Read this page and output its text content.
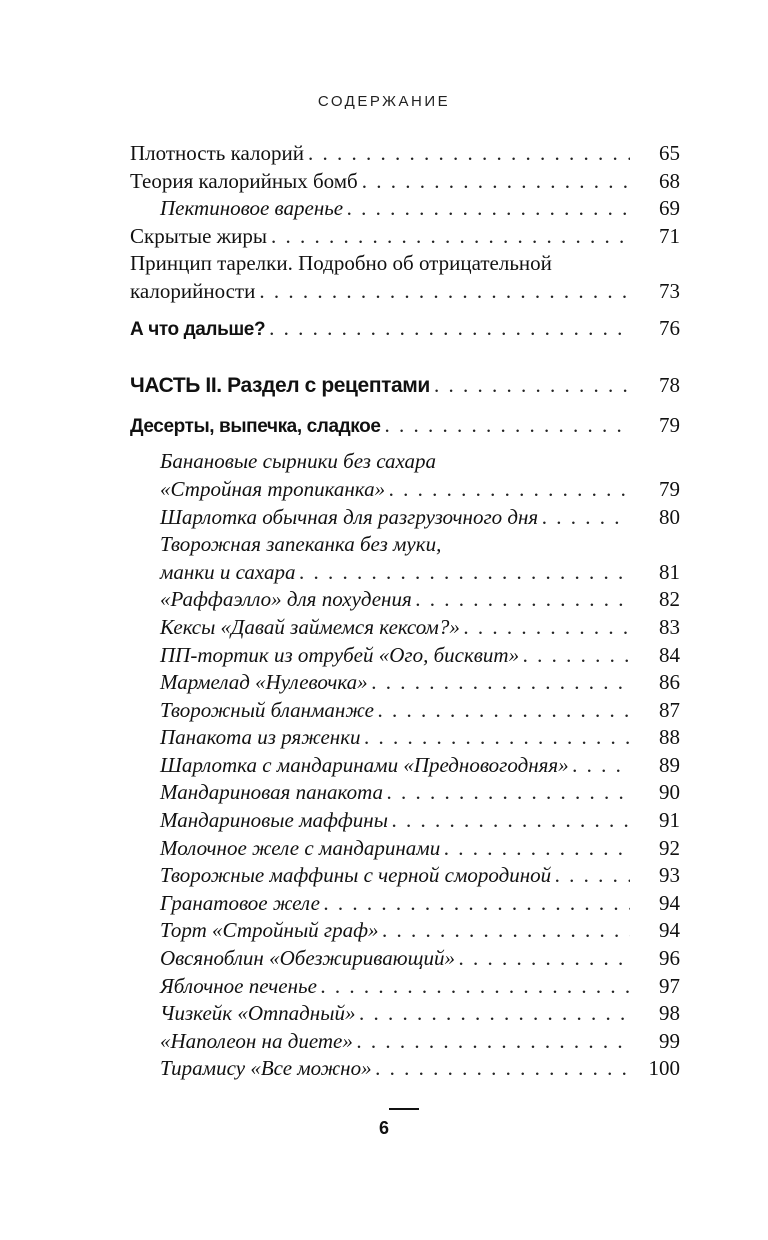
СОДЕРЖАНИЕ
Плотность калорий . . .	65
Теория калорийных бомб . . .	68
Пектиновое варенье . . .	69
Скрытые жиры . . .	71
Принцип тарелки. Подробно об отрицательной
калорийности . . .	73
А что дальше? . . .	76
ЧАСТЬ II. Раздел с рецептами . . .	78
Десерты, выпечка, сладкое . . .	79
Банановые сырники без сахара
«Стройная тропиканка» . . .	79
Шарлотка обычная для разгрузочного дня . . .	80
Творожная запеканка без муки,
манки и сахара . . .	81
«Раффаэлло» для похудения . . .	82
Кексы «Давай займемся кексом?» . . .	83
ПП-тортик из отрубей «Ого, бисквит» . . .	84
Мармелад «Нулевочка» . . .	86
Творожный бланманже . . .	87
Панакота из ряженки . . .	88
Шарлотка с мандаринами «Предновогодняя» . . .	89
Мандариновая панакота . . .	90
Мандариновые маффины . . .	91
Молочное желе с мандаринами . . .	92
Творожные маффины с черной смородиной . . .	93
Гранатовое желе . . .	94
Торт «Стройный граф» . . .	94
Овсяноблин «Обезжиривающий» . . .	96
Яблочное печенье . . .	97
Чизкейк «Отпадный» . . .	98
«Наполеон на диете» . . .	99
Тирамису «Все можно» . . .	100
6
